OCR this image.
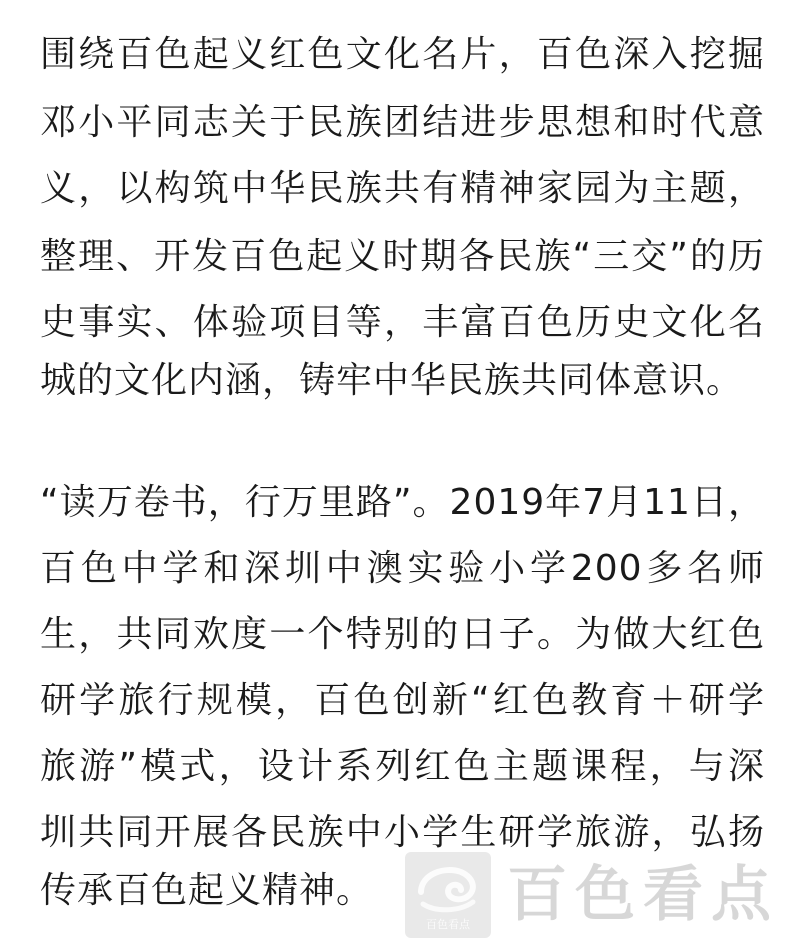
围绕百色起义红色文化名片，百色深入挖掘
邓小平同志关于民族团结进步思想和时代意
义，以构筑中华民族共有精神家园为主题，
整理、开发百色起义时期各民族“三交”的历
史事实、体验项目等，丰富百色历史文化名
城的文化内涵，铸牢中华民族共同体意识。
“读万卷书，行万里路”。2019年7月11日，
百色中学和深圳中澳实验小学200多名师
生，共同欢度一个特别的日子。为做大红色
研学旅行规模，百色创新“红色教育＋研学
旅游”模式，设计系列红色主题课程，与深
圳共同开展各民族中小学生研学旅游，弘扬
传承百色起义精神。
百色看点 百色看点
